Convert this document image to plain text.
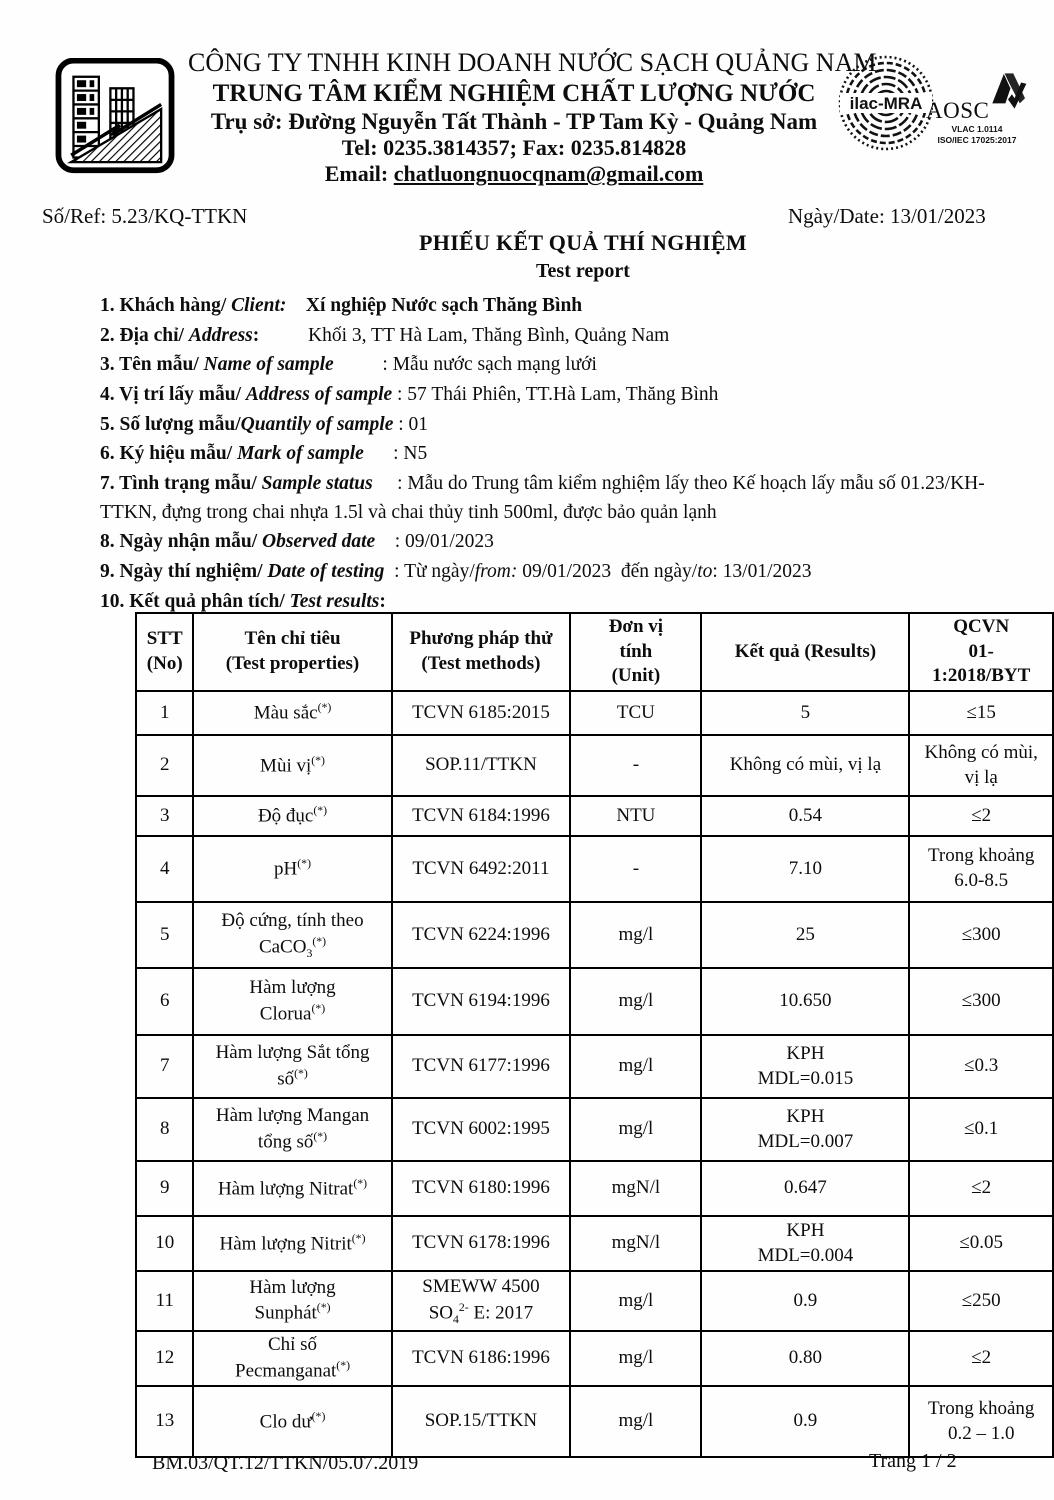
CÔNG TY TNHH KINH DOANH NƯỚC SẠCH QUẢNG NAM
TRUNG TÂM KIỂM NGHIỆM CHẤT LƯỢNG NƯỚC
Trụ sở: Đường Nguyễn Tất Thành - TP Tam Kỳ - Quảng Nam
Tel: 0235.3814357; Fax: 0235.814828
Email: chatluongnuocqnam@gmail.com
ilac-MRA AOSC
VLAC 1.0114
ISO/IEC 17025:2017
Số/Ref: 5.23/KQ-TTKN	Ngày/Date: 13/01/2023
PHIẾU KẾT QUẢ THÍ NGHIỆM
Test report
1. Khách hàng/ Client: Xí nghiệp Nước sạch Thăng Bình
2. Địa chỉ/ Address:          Khối 3, TT Hà Lam, Thăng Bình, Quảng Nam
3. Tên mẫu/ Name of sample          : Mẫu nước sạch mạng lưới
4. Vị trí lấy mẫu/ Address of sample : 57 Thái Phiên, TT.Hà Lam, Thăng Bình
5. Số lượng mẫu/Quantily of sample : 01
6. Ký hiệu mẫu/ Mark of sample      : N5
7. Tình trạng mẫu/ Sample status     : Mẫu do Trung tâm kiểm nghiệm lấy theo Kế hoạch lấy mẫu số 01.23/KH-TTKN, đựng trong chai nhựa 1.5l và chai thủy tinh 500ml, được bảo quản lạnh
8. Ngày nhận mẫu/ Observed date    : 09/01/2023
9. Ngày thí nghiệm/ Date of testing  : Từ ngày/from: 09/01/2023  đến ngày/to: 13/01/2023
10. Kết quả phân tích/ Test results:
STT
(No)	Tên chỉ tiêu
(Test properties)	Phương pháp thử
(Test methods)	Đơn vị
tính
(Unit)	Kết quả (Results)	QCVN
01-
1:2018/BYT

1	Màu sắc(*)	TCVN 6185:2015	TCU	5	≤15

2	Mùi vị(*)	SOP.11/TTKN	-	Không có mùi, vị lạ	Không có mùi,
vị lạ

3	Độ đục(*)	TCVN 6184:1996	NTU	0.54	≤2

4	pH(*)	TCVN 6492:2011	-	7.10	Trong khoảng
6.0-8.5

5	Độ cứng, tính theo
CaCO$_3$(*)	TCVN 6224:1996	mg/l	25	≤300

6	Hàm lượng
Clorua(*)	TCVN 6194:1996	mg/l	10.650	≤300

7	Hàm lượng Sắt tổng
số(*)	TCVN 6177:1996	mg/l	KPH
MDL=0.015	≤0.3

8	Hàm lượng Mangan
tổng số(*)	TCVN 6002:1995	mg/l	KPH
MDL=0.007	≤0.1

9	Hàm lượng Nitrat(*)	TCVN 6180:1996	mgN/l	0.647	≤2

10	Hàm lượng Nitrit(*)	TCVN 6178:1996	mgN/l	KPH
MDL=0.004	≤0.05

11	Hàm lượng
Sunphát(*)	SMEWW 4500
$SO_4^{2-}$ E: 2017	mg/l	0.9	≤250

12	Chỉ số
Pecmanganat(*)	TCVN 6186:1996	mg/l	0.80	≤2

13	Clo dư(*)	SOP.15/TTKN	mg/l	0.9	Trong khoảng
0.2 – 1.0
BM.03/QT.12/TTKN/05.07.2019	Trang 1 / 2
